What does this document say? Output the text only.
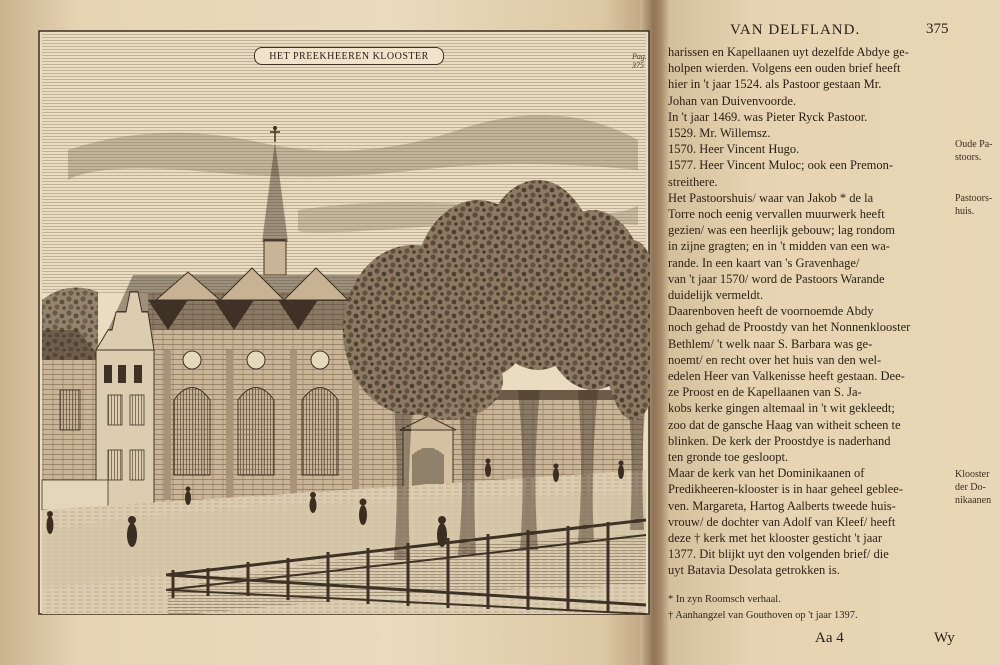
HET PREEKHEEREN KLOOSTER	Pag. 375
VAN DELFLAND.	375
harissen en Kapellaanen uyt dezelfde Abdye ge-
holpen wierden. Volgens een ouden brief heeft
hier in 't jaar 1524. als Pastoor gestaan Mr.
Johan van Duivenvoorde.
In 't jaar 1469. was Pieter Ryck Pastoor.
1529. Mr. Willemsz.
1570. Heer Vincent Hugo.
1577. Heer Vincent Muloc; ook een Premon-
streithere.
Het Pastoorshuis/ waar van Jakob * de la
Torre noch eenig vervallen muurwerk heeft
gezien/ was een heerlijk gebouw; lag rondom
in zijne gragten; en in 't midden van een wa-
rande. In een kaart van 's Gravenhage/
van 't jaar 1570/ word de Pastoors Warande
duidelijk vermeldt.
Daarenboven heeft de voornoemde Abdy
noch gehad de Proostdy van het Nonnenklooster
Bethlem/ 't welk naar S. Barbara was ge-
noemt/ en recht over het huis van den wel-
edelen Heer van Valkenisse heeft gestaan. Dee-
ze Proost en de Kapellaanen van S. Ja-
kobs kerke gingen altemaal in 't wit gekleedt;
zoo dat de gansche Haag van witheit scheen te
blinken. De kerk der Proostdye is naderhand
ten gronde toe gesloopt.
Maar de kerk van het Dominikaanen of
Predikheeren-klooster is in haar geheel geblee-
ven. Margareta, Hartog Aalberts tweede huis-
vrouw/ de dochter van Adolf van Kleef/ heeft
deze † kerk met het klooster gesticht 't jaar
1377. Dit blijkt uyt den volgenden brief/ die
uyt Batavia Desolata getrokken is.
Oude Pa-
stoors.
Pastoors-
huis.
Klooster
der Do-
nikaanen
* In zyn Roomsch verhaal.
† Aanhangzel van Gouthoven op 't jaar 1397.
Aa 4	Wy
